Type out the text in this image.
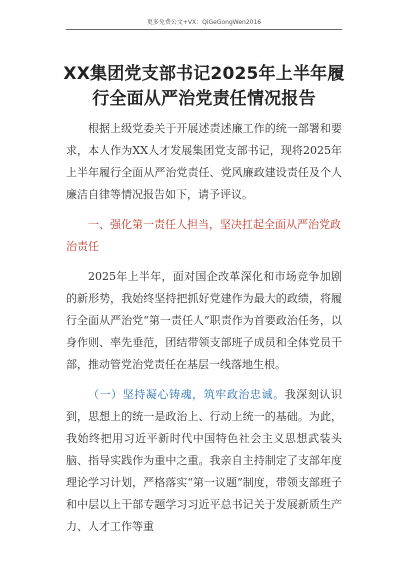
更多免费公文+VX：QiGeGongWen2016
XX集团党支部书记2025年上半年履行全面从严治党责任情况报告

根据上级党委关于开展述责述廉工作的统一部署和要求，本人作为XX人才发展集团党支部书记，现将2025年上半年履行全面从严治党责任、党风廉政建设责任及个人廉洁自律等情况报告如下，请予评议。

一、强化第一责任人担当，坚决扛起全面从严治党政治责任

2025年上半年，面对国企改革深化和市场竞争加剧的新形势，我始终坚持把抓好党建作为最大的政绩，将履行全面从严治党“第一责任人”职责作为首要政治任务，以身作则、率先垂范，团结带领支部班子成员和全体党员干部，推动管党治党责任在基层一线落地生根。

（一）坚持凝心铸魂，筑牢政治忠诚。我深刻认识到，思想上的统一是政治上、行动上统一的基础。为此，我始终把用习近平新时代中国特色社会主义思想武装头脑、指导实践作为重中之重。我亲自主持制定了支部年度理论学习计划，严格落实“第一议题”制度，带领支部班子和中层以上干部专题学习习近平总书记关于发展新质生产力、人才工作等重
